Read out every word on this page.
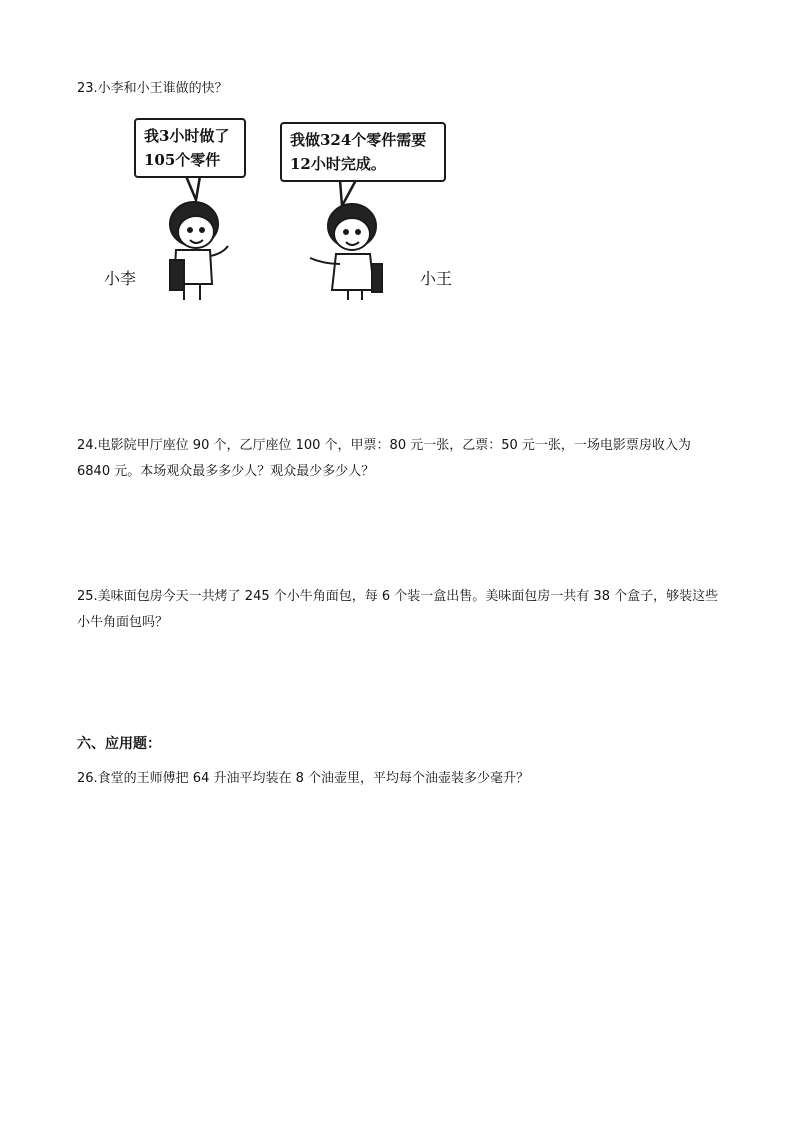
23.小李和小王谁做的快？

我3小时做了

105个零件

我做324个零件需要

12小时完成。

小李	小王

24.电影院甲厅座位 90 个，乙厅座位 100 个，甲票：80 元一张，乙票：50 元一张，一场电影票房收入为 6840 元。本场观众最多多少人？观众最少多少人？

25.美味面包房今天一共烤了 245 个小牛角面包，每 6 个装一盒出售。美味面包房一共有 38 个盒子，够装这些小牛角面包吗？

六、应用题：

26.食堂的王师傅把 64 升油平均装在 8 个油壶里，平均每个油壶装多少毫升？
